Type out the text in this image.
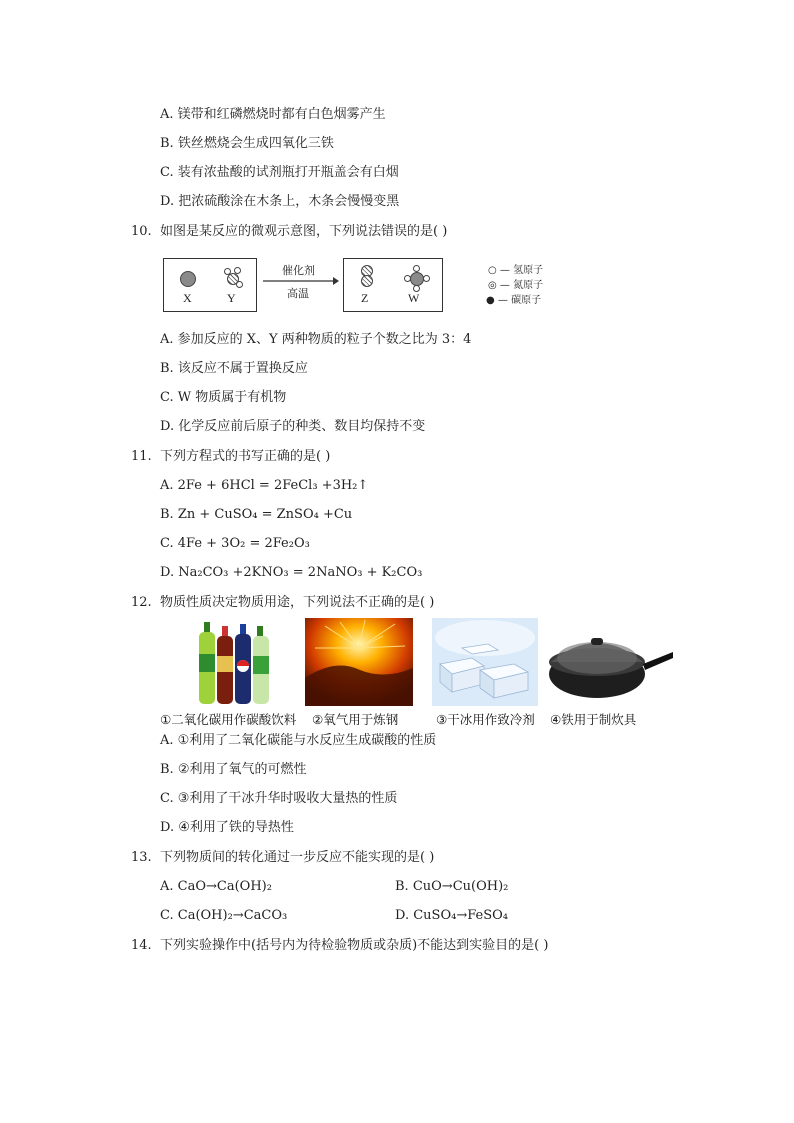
A. 镁带和红磷燃烧时都有白色烟雾产生
B. 铁丝燃烧会生成四氧化三铁
C. 装有浓盐酸的试剂瓶打开瓶盖会有白烟
D. 把浓硫酸涂在木条上，木条会慢慢变黑
10. 如图是某反应的微观示意图，下列说法错误的是( )
X	Y
催化剂
高温	Z	W
○ — 氢原子
◎ — 氮原子
● — 碳原子
A. 参加反应的 X、Y 两种物质的粒子个数之比为 3：4
B. 该反应不属于置换反应
C. W 物质属于有机物
D. 化学反应前后原子的种类、数目均保持不变
11. 下列方程式的书写正确的是( )
A. 2Fe + 6HCl = 2FeCl₃ +3H₂↑
B. Zn + CuSO₄ = ZnSO₄ +Cu
C. 4Fe + 3O₂ = 2Fe₂O₃
D. Na₂CO₃ +2KNO₃ = 2NaNO₃ + K₂CO₃
12. 物质性质决定物质用途，下列说法不正确的是( )
①二氧化碳用作碳酸饮料 ②氧气用于炼钢	③干冰用作致冷剂 ④铁用于制炊具
A. ①利用了二氧化碳能与水反应生成碳酸的性质
B. ②利用了氧气的可燃性
C. ③利用了干冰升华时吸收大量热的性质
D. ④利用了铁的导热性
13. 下列物质间的转化通过一步反应不能实现的是( )
A. CaO→Ca(OH)₂	B. CuO→Cu(OH)₂
C. Ca(OH)₂→CaCO₃	D. CuSO₄→FeSO₄
14. 下列实验操作中(括号内为待检验物质或杂质)不能达到实验目的是( )
